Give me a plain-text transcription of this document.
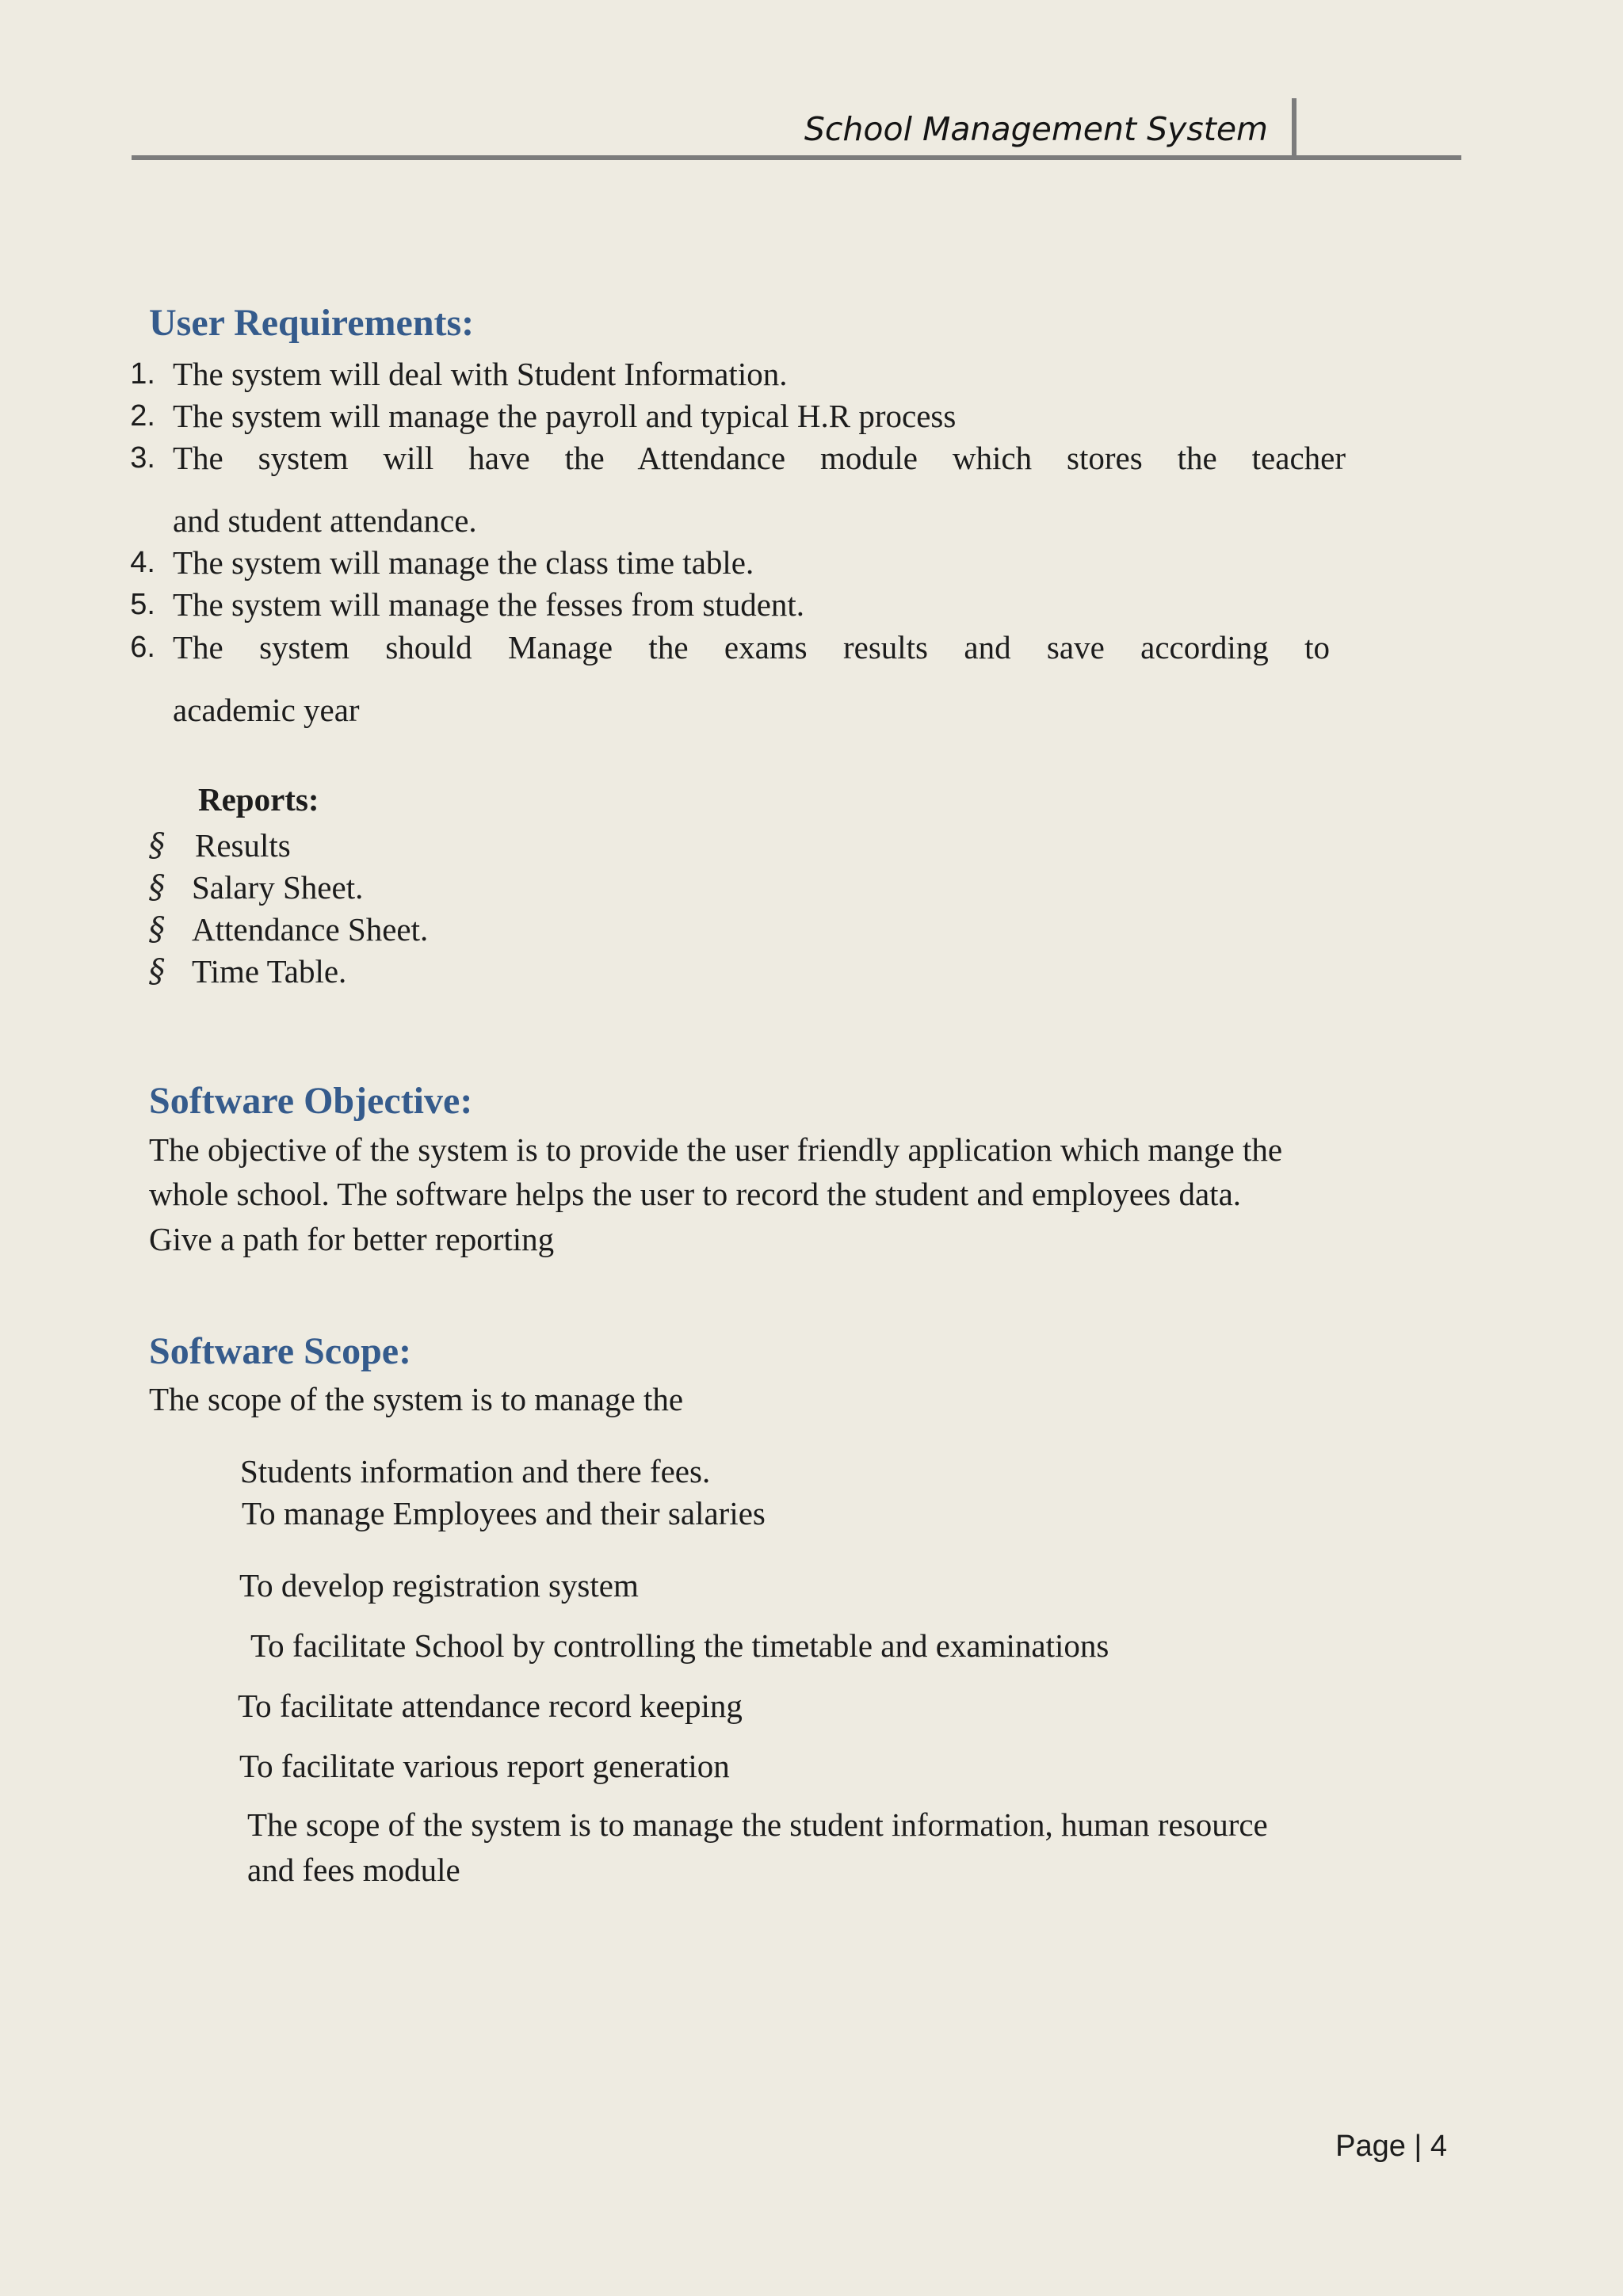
School Management System
User Requirements:
1. The system will deal with Student Information.
2. The system will manage the payroll and typical H.R process
3. The system will have the Attendance module which stores the teacher
and student attendance.
4. The system will manage the class time table.
5. The system will manage the fesses from student.
6. The system should Manage the exams results and save according to
academic year
Reports:
§ Results
§ Salary Sheet.
§ Attendance Sheet.
§ Time Table.
Software Objective:
The objective of the system is to provide the user friendly application which mange the
whole school. The software helps the user to record the student and employees data.
Give a path for better reporting
Software Scope:
The scope of the system is to manage the
Students information and there fees.
To manage Employees and their salaries
To develop registration system
To facilitate School by controlling the timetable and examinations
To facilitate attendance record keeping
To facilitate various report generation
The scope of the system is to manage the student information, human resource
and fees module
Page | 4
